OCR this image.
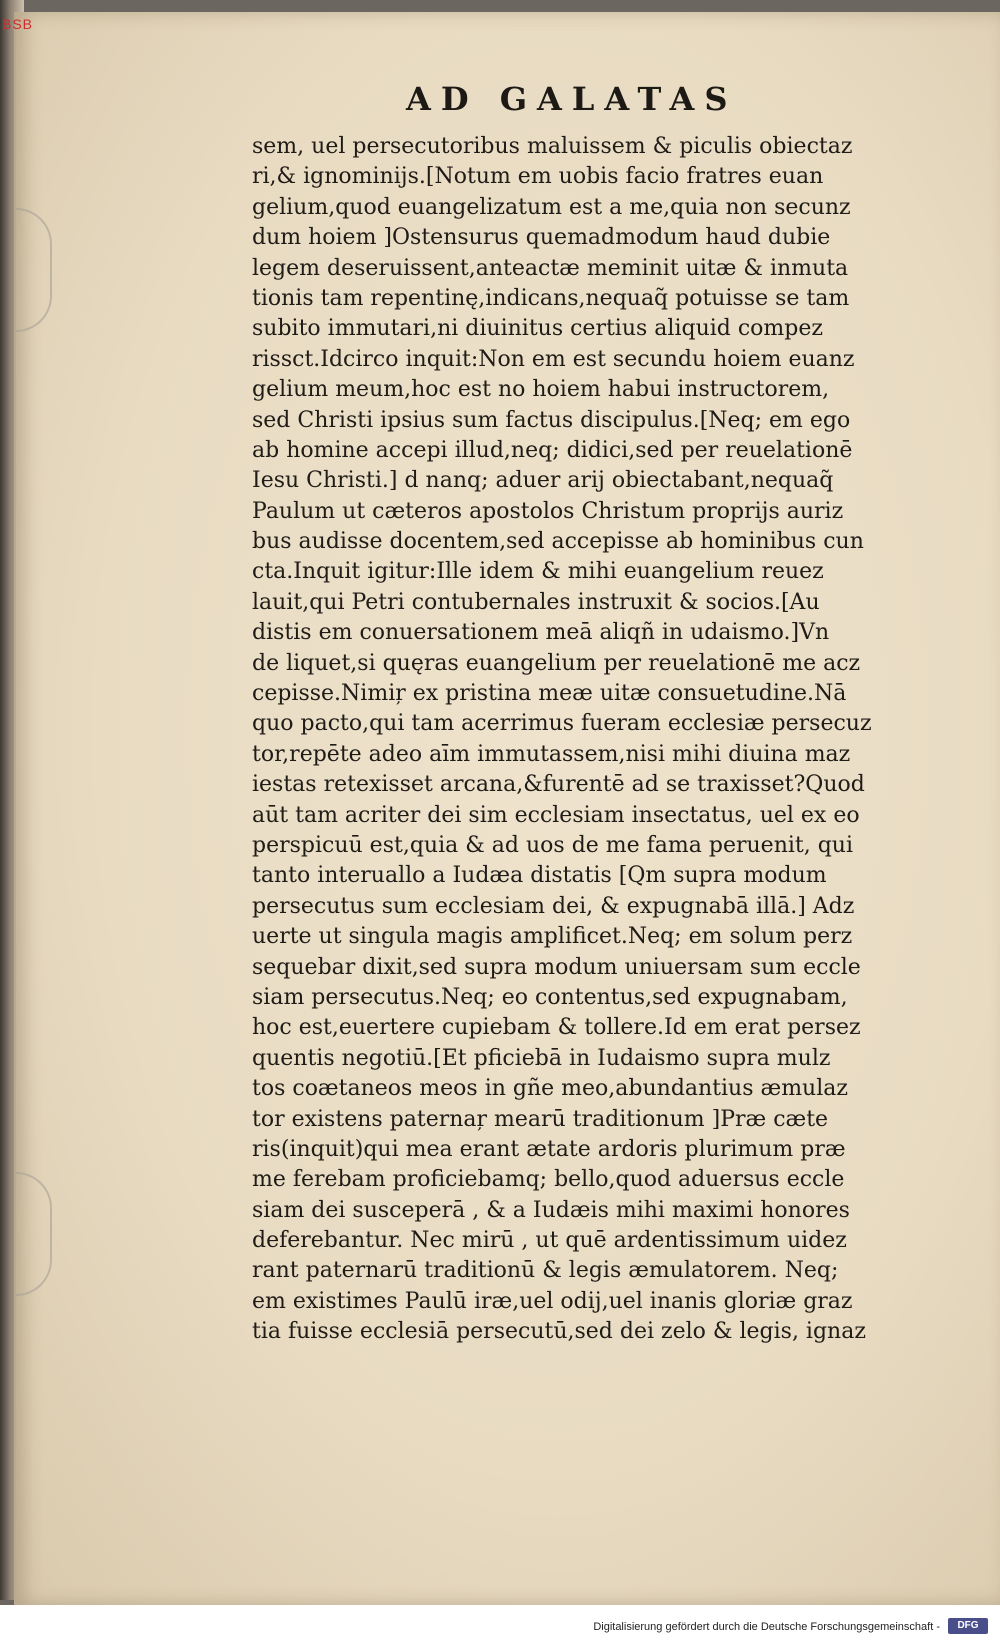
AD GALATAS
sem, uel persecutoribus maluissem & piculis obiectaz
ri,& ignominijs.[Notum em uobis facio fratres euan
gelium,quod euangelizatum est a me,quia non secunz
dum hoiem ]Ostensurus quemadmodum haud dubie
legem deseruissent,anteactæ meminit uitæ & inmuta
tionis tam repentinę,indicans,nequaq̃ potuisse se tam
subito immutari,ni diuinitus certius aliquid compez
rissct.Idcirco inquit:Non em est secundu hoiem euanz
gelium meum,hoc est no hoiem habui instructorem,
sed Christi ipsius sum factus discipulus.[Neq; em ego
ab homine accepi illud,neq; didici,sed per reuelationē
Iesu Christi.] d nanq; aduer arij obiectabant,nequaq̃
Paulum ut cæteros apostolos Christum proprijs auriz
bus audisse docentem,sed accepisse ab hominibus cun
cta.Inquit igitur:Ille idem & mihi euangelium reuez
lauit,qui Petri contubernales instruxit & socios.[Au
distis em conuersationem meā aliqñ in udaismo.]Vn
de liquet,si quęras euangelium per reuelationē me acz
cepisse.Nimiŗ ex pristina meæ uitæ consuetudine.Nā
quo pacto,qui tam acerrimus fueram ecclesiæ persecuz
tor,repēte adeo aīm immutassem,nisi mihi diuina maz
iestas retexisset arcana,&furentē ad se traxisset?Quod
aūt tam acriter dei sim ecclesiam insectatus, uel ex eo
perspicuū est,quia & ad uos de me fama peruenit, qui
tanto interuallo a Iudæa distatis [Qm supra modum
persecutus sum ecclesiam dei, & expugnabā illā.] Adz
uerte ut singula magis amplificet.Neq; em solum perz
sequebar dixit,sed supra modum uniuersam sum eccle
siam persecutus.Neq; eo contentus,sed expugnabam,
hoc est,euertere cupiebam & tollere.Id em erat persez
quentis negotiū.[Et pficiebā in Iudaismo supra mulz
tos coætaneos meos in gñe meo,abundantius æmulaz
tor existens paternaŗ mearū traditionum ]Præ cæte
ris(inquit)qui mea erant ætate ardoris plurimum præ
me ferebam proficiebamq; bello,quod aduersus eccle
siam dei susceperā , & a Iudæis mihi maximi honores
deferebantur. Nec mirū , ut quē ardentissimum uidez
rant paternarū traditionū & legis æmulatorem. Neq;
em existimes Paulū iræ,uel odij,uel inanis gloriæ graz
tia fuisse ecclesiā persecutū,sed dei zelo & legis, ignaz
BSB
Digitalisierung gefördert durch die Deutsche Forschungsgemeinschaft -	DFG
